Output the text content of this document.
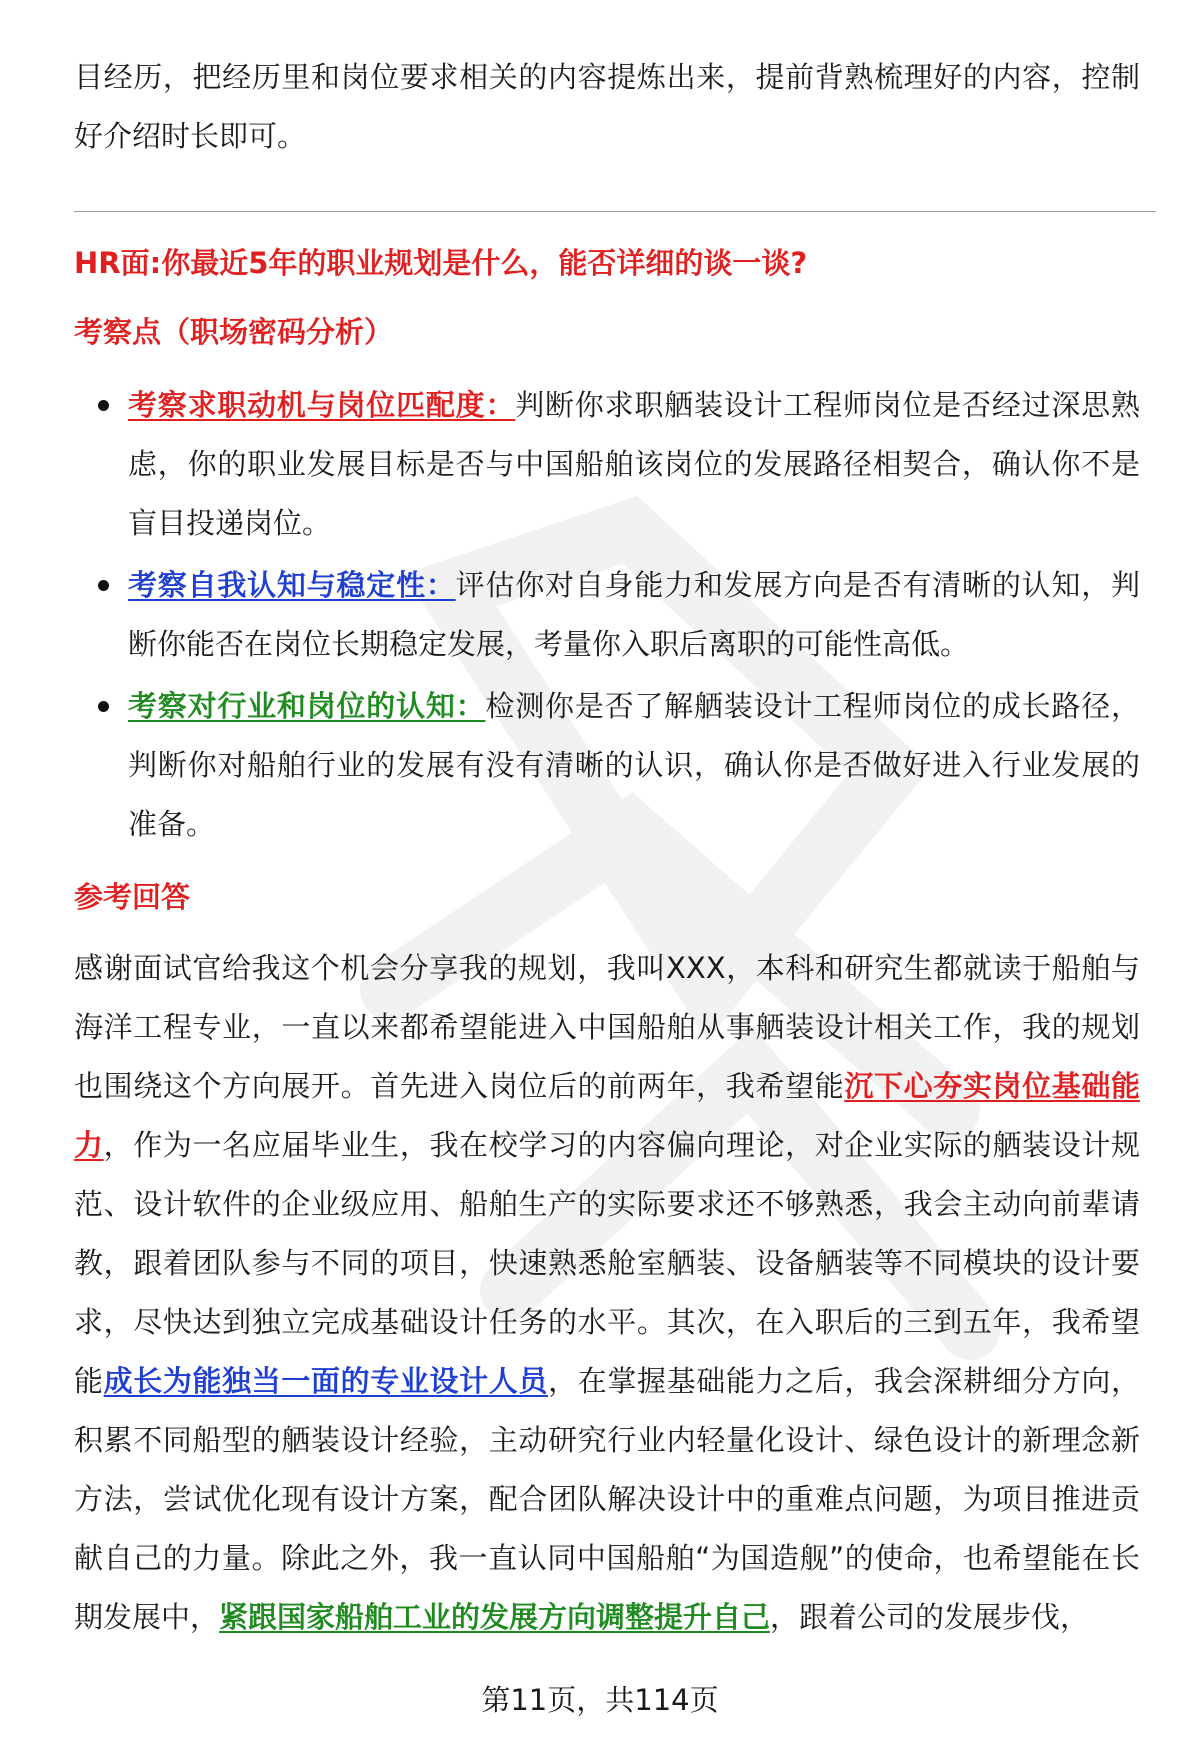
目经历，把经历里和岗位要求相关的内容提炼出来，提前背熟梳理好的内容，控制好介绍时长即可。

HR面:你最近5年的职业规划是什么，能否详细的谈一谈?

考察点（职场密码分析）

考察求职动机与岗位匹配度：判断你求职舾装设计工程师岗位是否经过深思熟虑，你的职业发展目标是否与中国船舶该岗位的发展路径相契合，确认你不是盲目投递岗位。
考察自我认知与稳定性：评估你对自身能力和发展方向是否有清晰的认知，判断你能否在岗位长期稳定发展，考量你入职后离职的可能性高低。
考察对行业和岗位的认知：检测你是否了解舾装设计工程师岗位的成长路径，判断你对船舶行业的发展有没有清晰的认识，确认你是否做好进入行业发展的准备。

参考回答

感谢面试官给我这个机会分享我的规划，我叫XXX，本科和研究生都就读于船舶与海洋工程专业，一直以来都希望能进入中国船舶从事舾装设计相关工作，我的规划也围绕这个方向展开。首先进入岗位后的前两年，我希望能沉下心夯实岗位基础能力，作为一名应届毕业生，我在校学习的内容偏向理论，对企业实际的舾装设计规范、设计软件的企业级应用、船舶生产的实际要求还不够熟悉，我会主动向前辈请教，跟着团队参与不同的项目，快速熟悉舱室舾装、设备舾装等不同模块的设计要求，尽快达到独立完成基础设计任务的水平。其次，在入职后的三到五年，我希望能成长为能独当一面的专业设计人员，在掌握基础能力之后，我会深耕细分方向，积累不同船型的舾装设计经验，主动研究行业内轻量化设计、绿色设计的新理念新方法，尝试优化现有设计方案，配合团队解决设计中的重难点问题，为项目推进贡献自己的力量。除此之外，我一直认同中国船舶“为国造舰”的使命，也希望能在长期发展中，紧跟国家船舶工业的发展方向调整提升自己，跟着公司的发展步伐，

第11页，共114页
